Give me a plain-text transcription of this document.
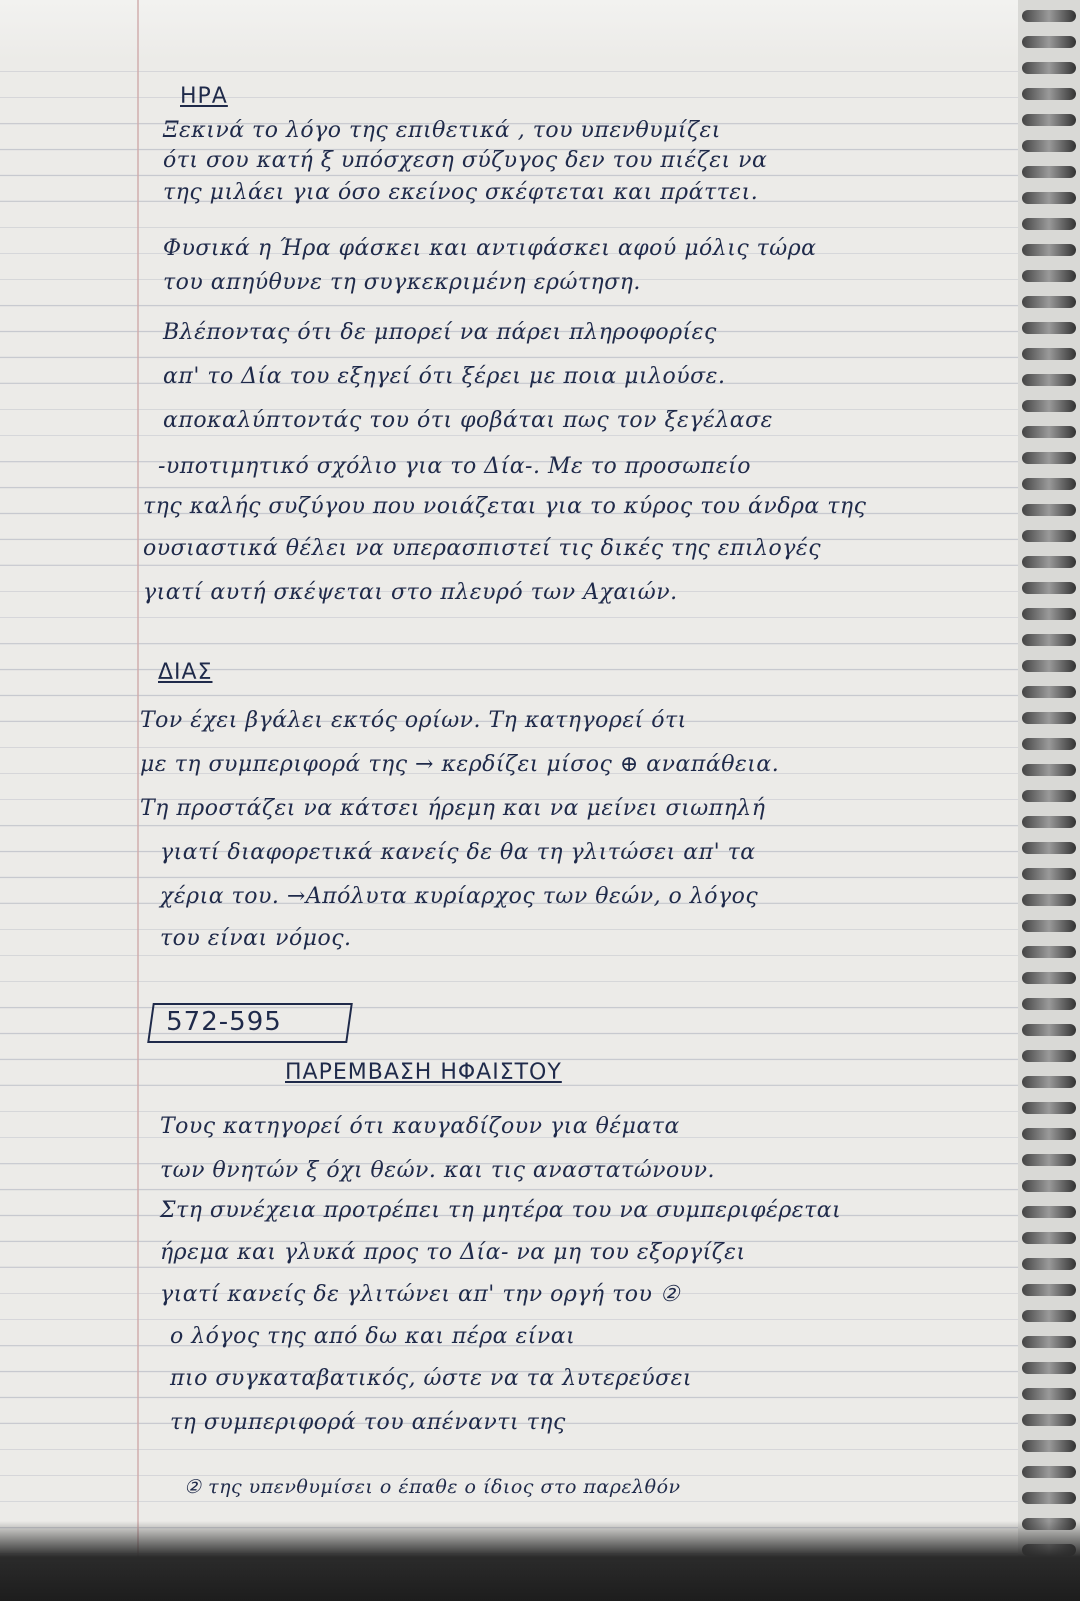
ΗΡΑ
Ξεκινά το λόγο της επιθετικά , του υπενθυμίζει
ότι σου κατή ξ υπόσχεση σύζυγος δεν του πιέζει να
της μιλάει για όσο εκείνος σκέφτεται και πράττει.
Φυσικά η Ήρα φάσκει και αντιφάσκει αφού μόλις τώρα
του απηύθυνε τη συγκεκριμένη ερώτηση.
Βλέποντας ότι δε μπορεί να πάρει πληροφορίες
απ' το Δία του εξηγεί ότι ξέρει με ποια μιλούσε.
αποκαλύπτοντάς του ότι φοβάται πως τον ξεγέλασε
-υποτιμητικό σχόλιο για το Δία-. Με το προσωπείο
της καλής συζύγου που νοιάζεται για το κύρος του άνδρα της
ουσιαστικά θέλει να υπερασπιστεί τις δικές της επιλογές
γιατί αυτή σκέψεται στο πλευρό των Αχαιών.
ΔΙΑΣ
Τον έχει βγάλει εκτός ορίων. Τη κατηγορεί ότι
με τη συμπεριφορά της → κερδίζει μίσος ⊕ αναπάθεια.
Τη προστάζει να κάτσει ήρεμη και να μείνει σιωπηλή
γιατί διαφορετικά κανείς δε θα τη γλιτώσει απ' τα
χέρια του. →Απόλυτα κυρίαρχος των θεών, ο λόγος
του είναι νόμος.
572-595
ΠΑΡΕΜΒΑΣΗ ΗΦΑΙΣΤΟΥ
Τους κατηγορεί ότι καυγαδίζουν για θέματα
των θνητών ξ όχι θεών. και τις αναστατώνουν.
Στη συνέχεια προτρέπει τη μητέρα του να συμπεριφέρεται
ήρεμα και γλυκά προς το Δία- να μη του εξοργίζει
γιατί κανείς δε γλιτώνει απ' την οργή του ②
ο λόγος της από δω και πέρα είναι
πιο συγκαταβατικός, ώστε να τα λυτερεύσει
τη συμπεριφορά του απέναντι της
② της υπενθυμίσει ο έπαθε ο ίδιος στο παρελθόν
